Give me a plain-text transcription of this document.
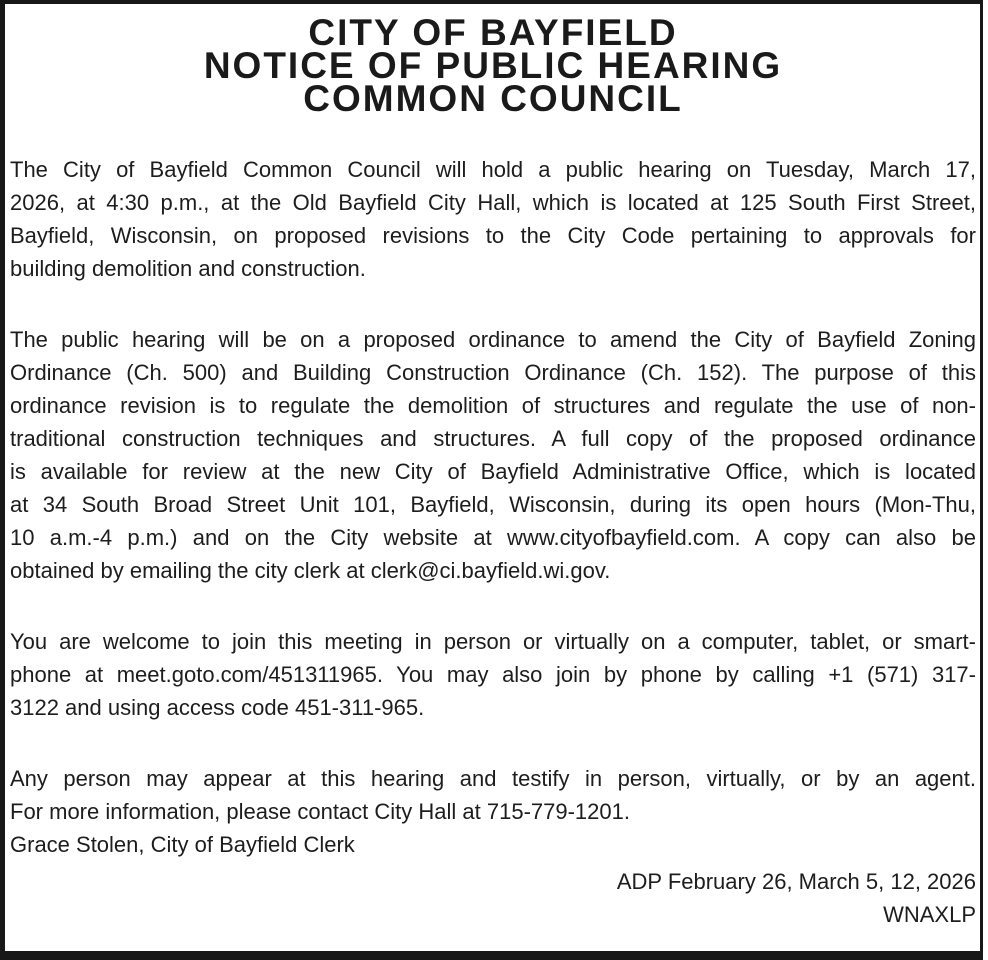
CITY OF BAYFIELD
NOTICE OF PUBLIC HEARING
COMMON COUNCIL
The City of Bayfield Common Council will hold a public hearing on Tuesday, March 17,
2026, at 4:30 p.m., at the Old Bayfield City Hall, which is located at 125 South First Street,
Bayfield, Wisconsin, on proposed revisions to the City Code pertaining to approvals for
building demolition and construction.
The public hearing will be on a proposed ordinance to amend the City of Bayfield Zoning
Ordinance (Ch. 500) and Building Construction Ordinance (Ch. 152). The purpose of this
ordinance revision is to regulate the demolition of structures and regulate the use of non-
traditional construction techniques and structures. A full copy of the proposed ordinance
is available for review at the new City of Bayfield Administrative Office, which is located
at 34 South Broad Street Unit 101, Bayfield, Wisconsin, during its open hours (Mon-Thu,
10 a.m.-4 p.m.) and on the City website at www.cityofbayfield.com. A copy can also be
obtained by emailing the city clerk at clerk@ci.bayfield.wi.gov.
You are welcome to join this meeting in person or virtually on a computer, tablet, or smart-
phone at meet.goto.com/451311965. You may also join by phone by calling +1 (571) 317-
3122 and using access code 451-311-965.
Any person may appear at this hearing and testify in person, virtually, or by an agent.
For more information, please contact City Hall at 715-779-1201.
Grace Stolen, City of Bayfield Clerk
ADP February 26, March 5, 12, 2026
WNAXLP
